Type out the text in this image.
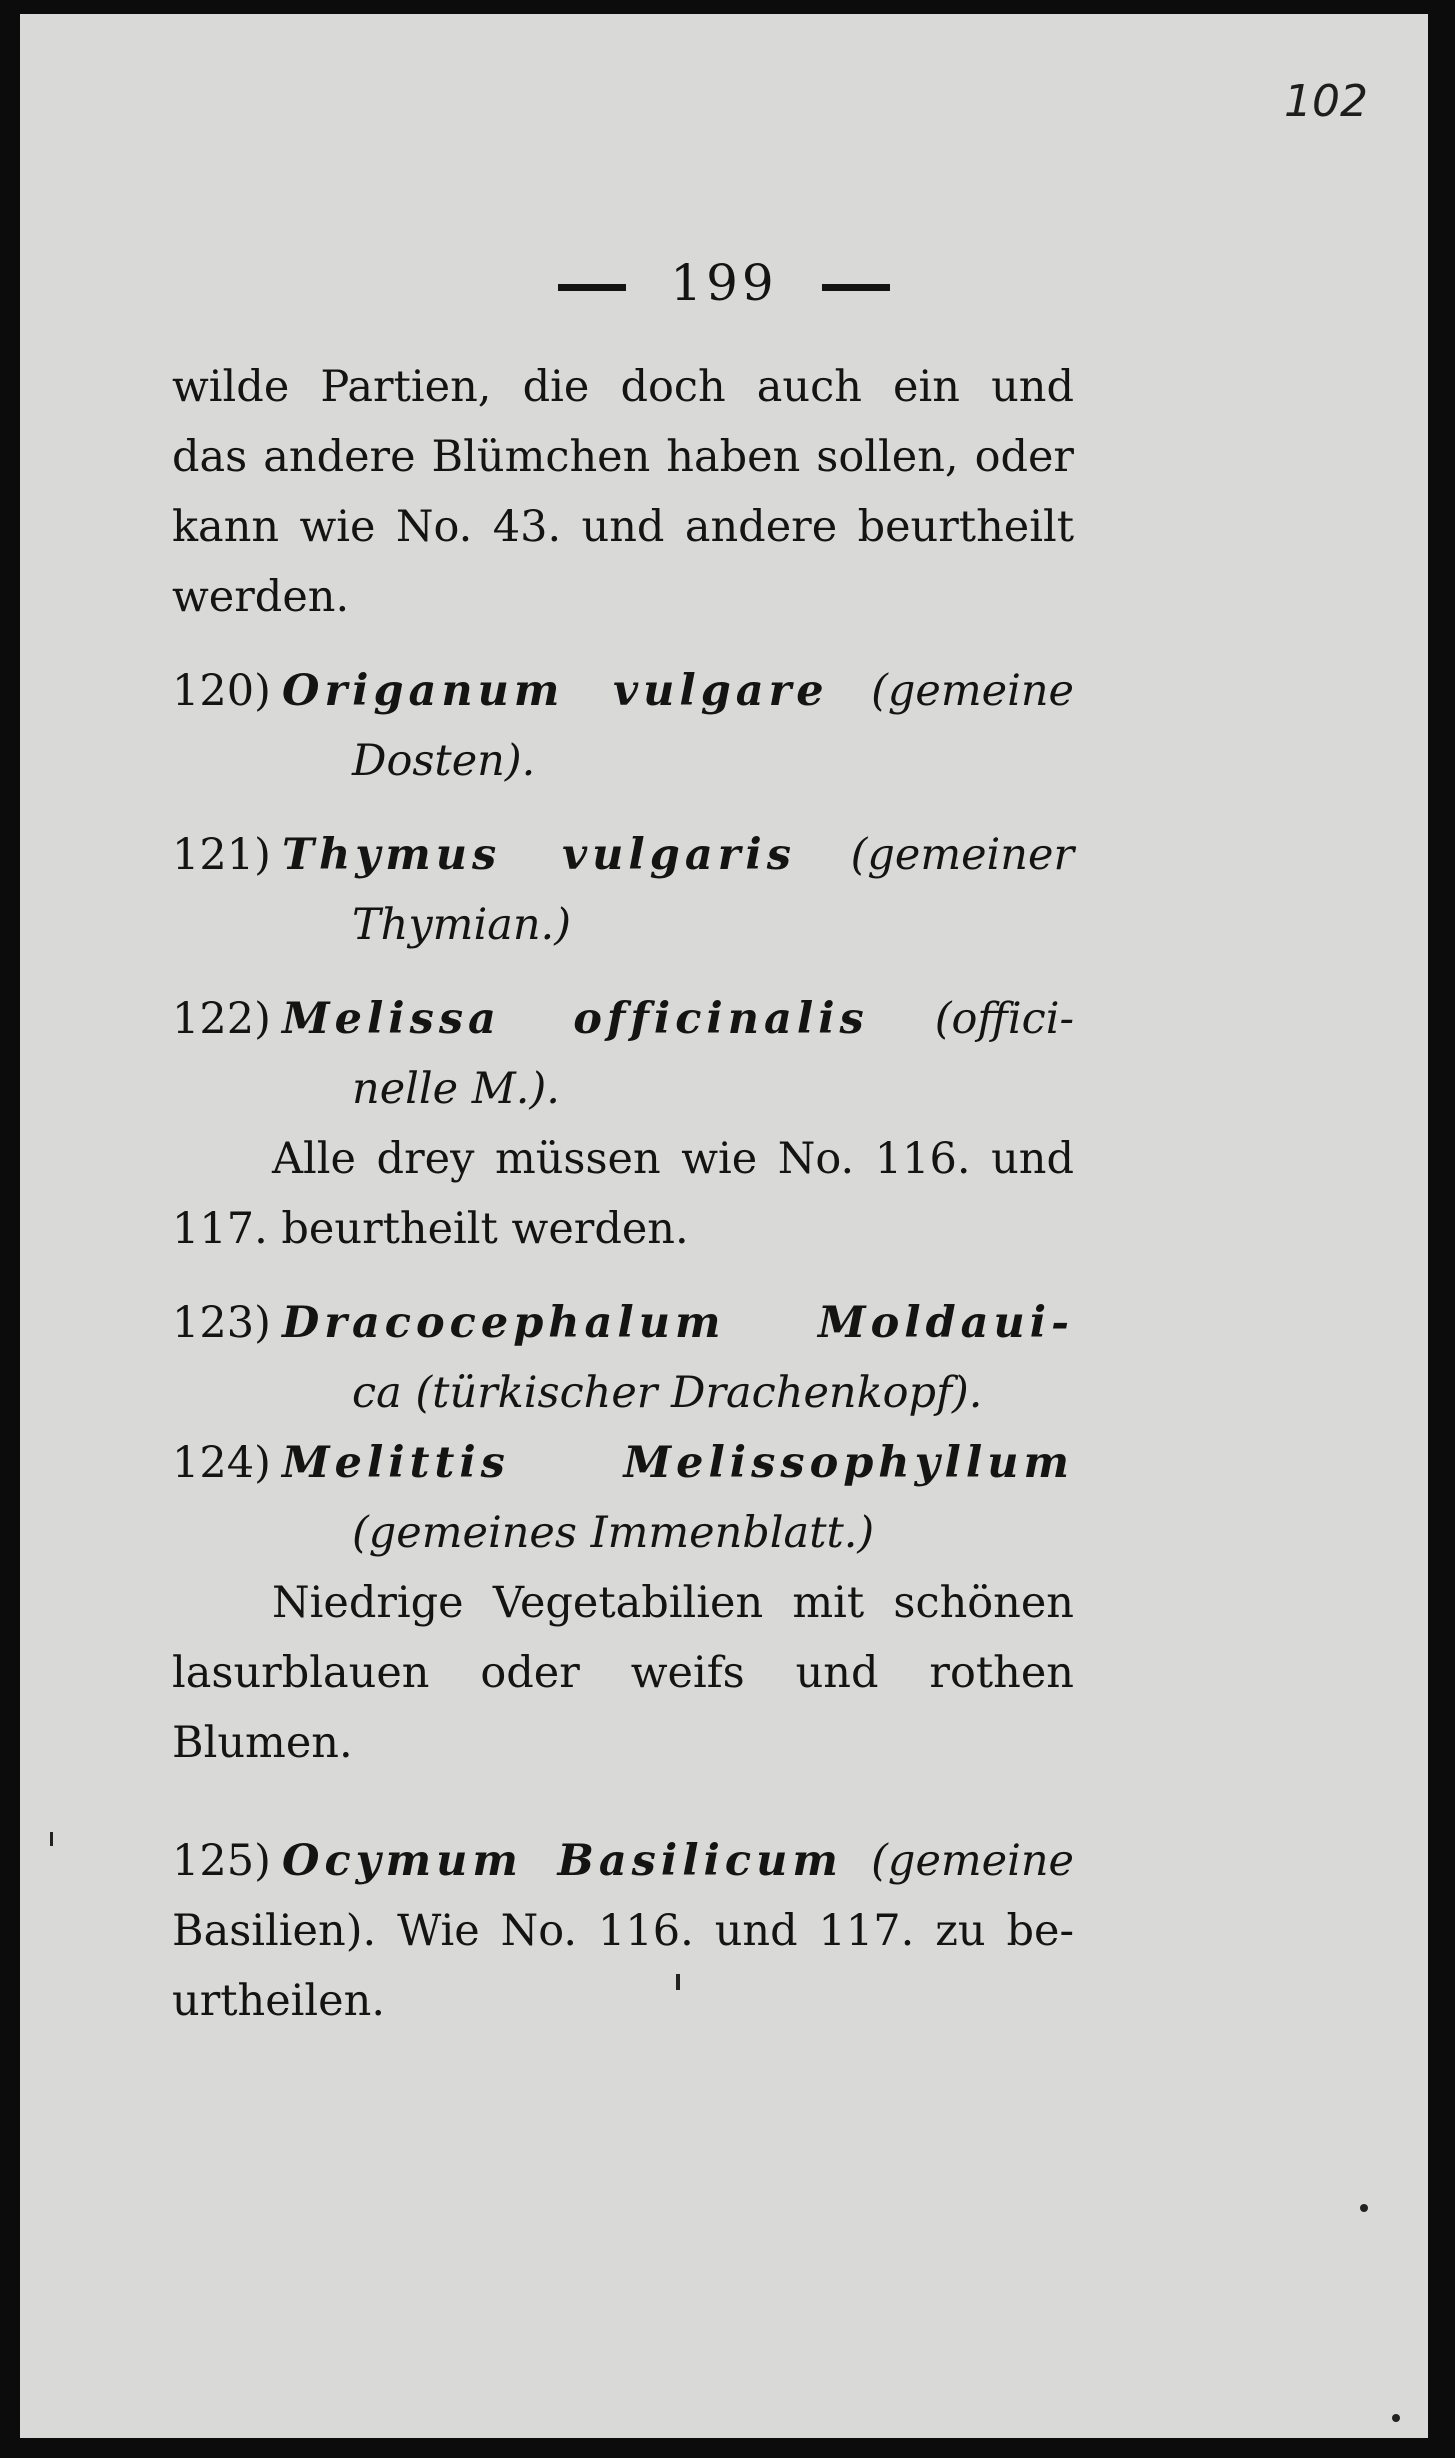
102
199

wilde Partien, die doch auch ein und

das andere Blümchen haben sollen, oder

kann wie No. 43. und andere beurtheilt

werden.

120) Origanum vulgare (gemeine

Dosten).

121) Thymus vulgaris (gemeiner

Thymian.)

122) Melissa officinalis (offici-

nelle M.).

Alle drey müssen wie No. 116. und

117. beurtheilt werden.

123) Dracocephalum Moldaui-

ca (türkischer Drachenkopf).

124) Melittis Melissophyllum

(gemeines Immenblatt.)

Niedrige Vegetabilien mit schönen

lasurblauen oder weifs und rothen

Blumen.

125) Ocymum Basilicum (gemeine

Basilien). Wie No. 116. und 117. zu be-

urtheilen.
